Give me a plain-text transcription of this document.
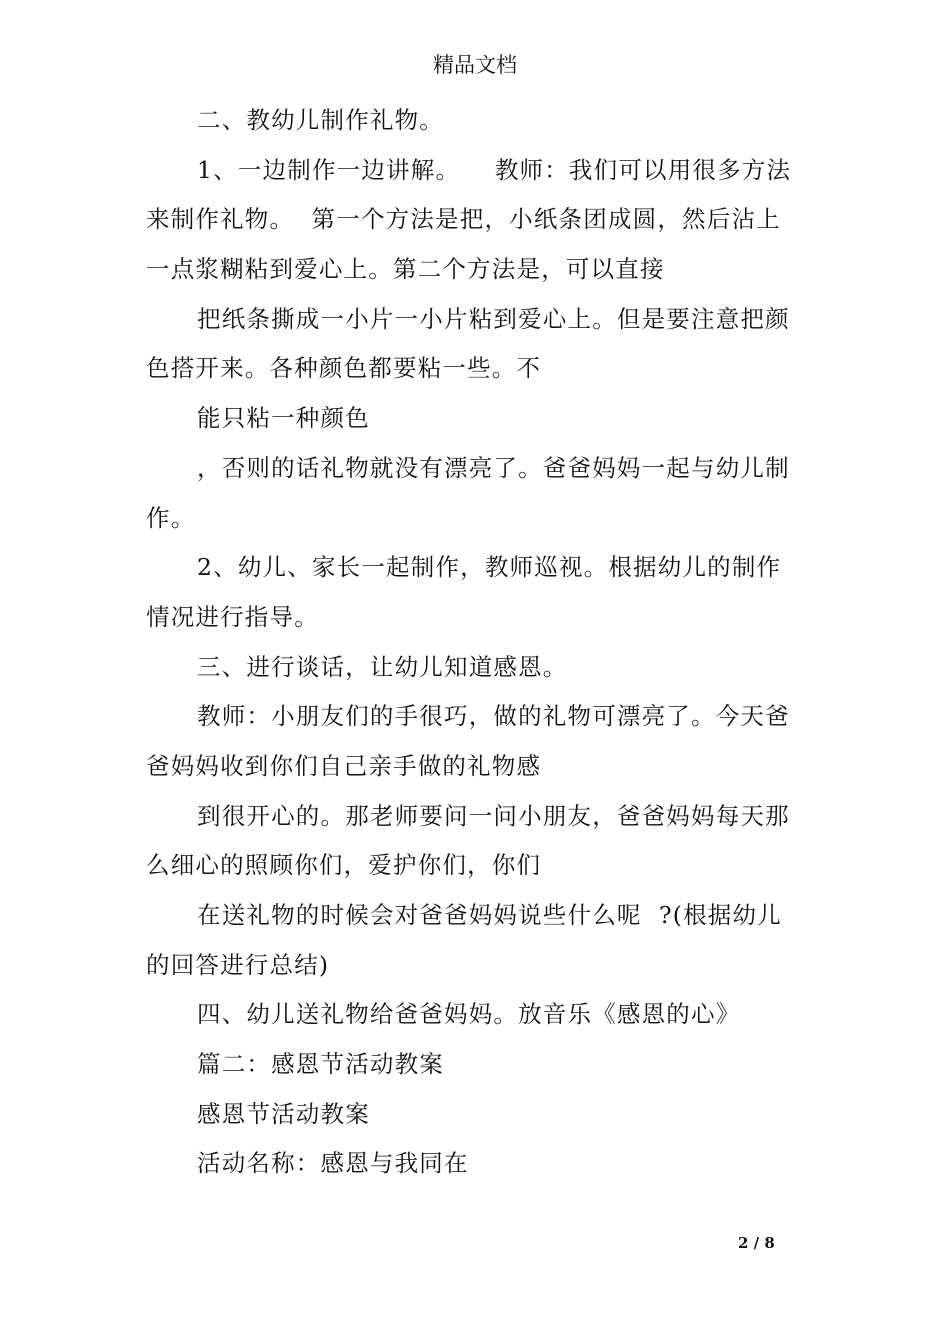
精品文档
二、教幼儿制作礼物。
1、一边制作一边讲解。    教师：我们可以用很多方法
来制作礼物。  第一个方法是把，小纸条团成圆，然后沾上
一点浆糊粘到爱心上。第二个方法是，可以直接
把纸条撕成一小片一小片粘到爱心上。但是要注意把颜
色搭开来。各种颜色都要粘一些。不
能只粘一种颜色
，否则的话礼物就没有漂亮了。爸爸妈妈一起与幼儿制
作。
2、幼儿、家长一起制作，教师巡视。根据幼儿的制作
情况进行指导。
三、进行谈话，让幼儿知道感恩。
教师：小朋友们的手很巧，做的礼物可漂亮了。今天爸
爸妈妈收到你们自己亲手做的礼物感
到很开心的。那老师要问一问小朋友，爸爸妈妈每天那
么细心的照顾你们，爱护你们，你们
在送礼物的时候会对爸爸妈妈说些什么呢  ?(根据幼儿
的回答进行总结)
四、幼儿送礼物给爸爸妈妈。放音乐《感恩的心》
篇二：感恩节活动教案
感恩节活动教案
活动名称：感恩与我同在
2 / 8
